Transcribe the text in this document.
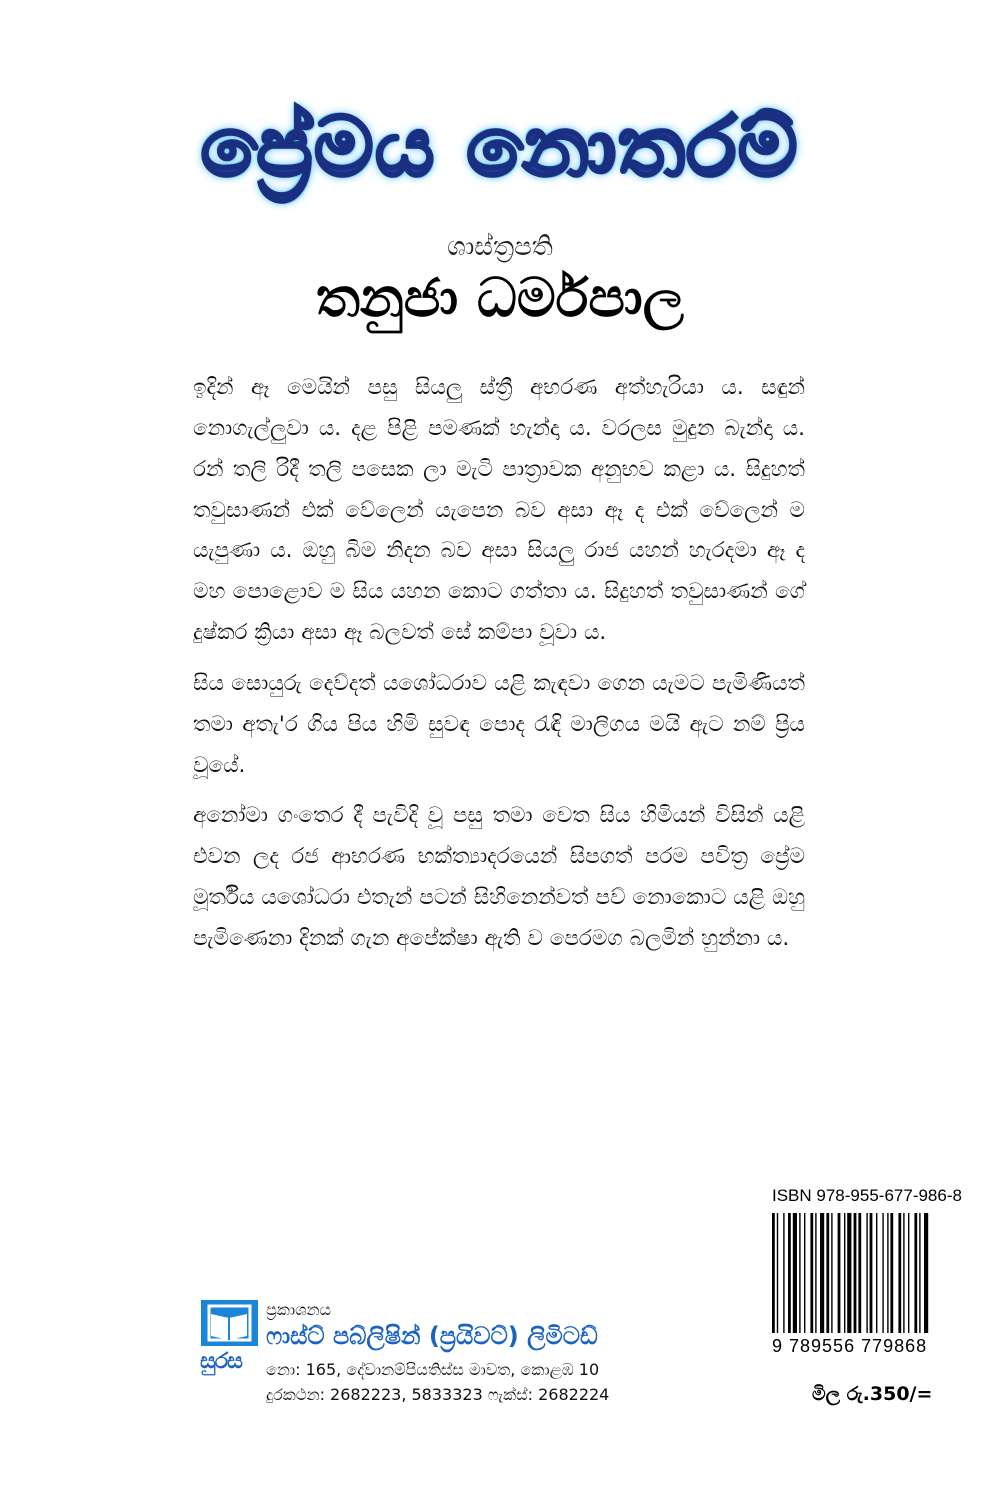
ප්‍රේමය නොතරම්
ශාස්ත්‍රපති
තනුජා ධර්මපාල

ඉදින් ඈ මෙයින් පසු සියලු ස්ත්‍රී අභරණ අත්හැරියා ය. සඳුන් නොගැල්ලුවා ය. දළ පිළි පමණක් හැන්දා ය. වරලස මුදුන බැන්දා ය. රන් තලි රිදී තලි පසෙක ලා මැටි පාත්‍රාවක අනුභව කළා ය. සිදුහත් තවුසාණන් එක් වේලෙන් යැපෙන බව අසා ඈ ද එක් වේලෙන් ම යැපුණා ය. ඔහු බිම නිදන බව අසා සියලු රාජ යහන් හැරදමා ඈ ද මහ පොළොව ම සිය යහන කොට ගත්තා ය. සිදුහත් තවුසාණන් ගේ දුෂ්කර ක්‍රියා අසා ඈ බලවත් සේ කම්පා වූවා ය.

සිය සොයුරු දෙව්දත් යශෝධරාව යළි කැඳවා ගෙන යැමට පැමිණියත් තමා අතැ'ර ගිය පිය හිමි සුවඳ පොද රැඳි මාලිගය මයි ඇට නම් ප්‍රිය වූයේ.

අනෝමා ගංතෙර දී පැවිදි වූ පසු තමා වෙත සිය හිමියන් විසින් යළි එවන ලද රජ ආභරණ භක්ත්‍යාදරයෙන් සිපගත් පරම පවිත්‍ර ප්‍රේම මූර්තිය යශෝධරා එතැන් පටන් සිහිනෙන්වත් පව් නොකොට යළි ඔහු පැමිණෙනා දිනක් ගැන අපේක්ෂා ඇති ව පෙරමග බලමින් හුන්නා ය.

ISBN 978-955-677-986-8
9 789556 779868
මිල රු.350/=
සුරස
ප්‍රකාශනය
ෆාස්ට් පබ්ලිෂින් (ප්‍රයිවට්) ලිමිටඩ්
නො: 165, දේවානම්පියතිස්ස මාවත, කොළඹ 10
දුරකථන: 2682223, 5833323 ෆැක්ස්: 2682224
